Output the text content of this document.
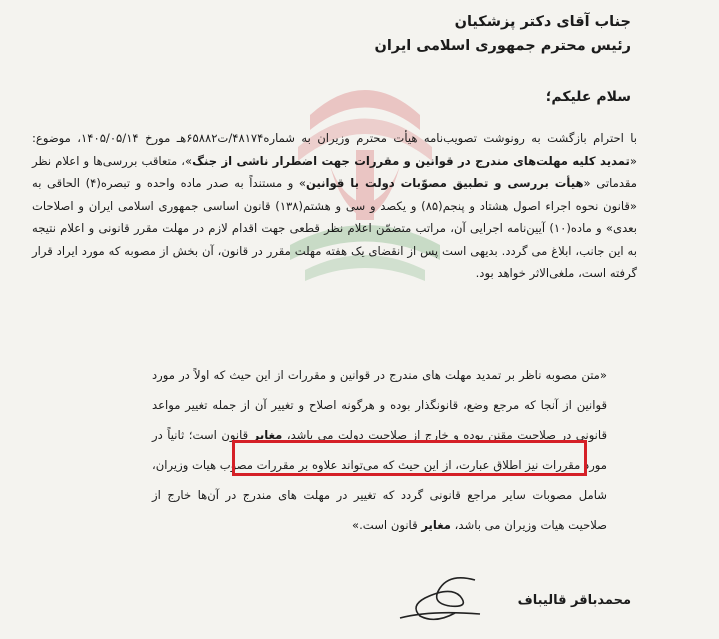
جناب آقای دکتر پزشکیان
رئیس محترم جمهوری اسلامی ایران
سلام علیکم؛

با احترام بازگشت به رونوشت تصویب‌نامه هیأت محترم وزیران به شماره۴۸۱۷۴/ت۶۵۸۸۲هـ مورخ ۱۴۰۵/۰۵/۱۴، موضوع: «تمدید کلیه مهلت‌های مندرج در قوانین و مقررات جهت اضطرار ناشی از جنگ»، متعاقب بررسی‌ها و اعلام نظر مقدماتی «هیأت بررسی و تطبیق مصوّبات دولت با قوانین» و مستنداً به صدر ماده واحده و تبصره(۴) الحاقی به «قانون نحوه اجراء اصول هشتاد و پنجم(۸۵) و یکصد و سی و هشتم(۱۳۸) قانون اساسی جمهوری اسلامی ایران و اصلاحات بعدی» و ماده(۱۰) آیین‌نامه اجرایی آن، مراتب متضمّن اعلام نظر قطعی جهت اقدام لازم در مهلت مقرر قانونی و اعلام نتیجه به این جانب، ابلاغ می گردد. بدیهی است پس از انقضای یک هفته مهلت مقرر در قانون، آن بخش از مصوبه که مورد ایراد قرار گرفته است، ملغی‌الاثر خواهد بود.

«متن مصوبه ناظر بر تمدید مهلت های مندرج در قوانین و مقررات از این حیث که اولاً در مورد قوانین از آنجا که مرجع وضع، قانونگذار بوده و هرگونه اصلاح و تغییر آن از جمله تغییر مواعد قانونی در صلاحیت مقنن بوده و خارج از صلاحیت دولت می باشد، مغایر قانون است؛ ثانیاً در مورد مقررات نیز اطلاق عبارت، از این حیث که می‌تواند علاوه بر مقررات مصوب هیات وزیران، شامل مصوبات سایر مراجع قانونی گردد که تغییر در مهلت های مندرج در آن‌ها خارج از صلاحیت هیات وزیران می باشد، مغایر قانون است.»

محمدباقر قالیباف
